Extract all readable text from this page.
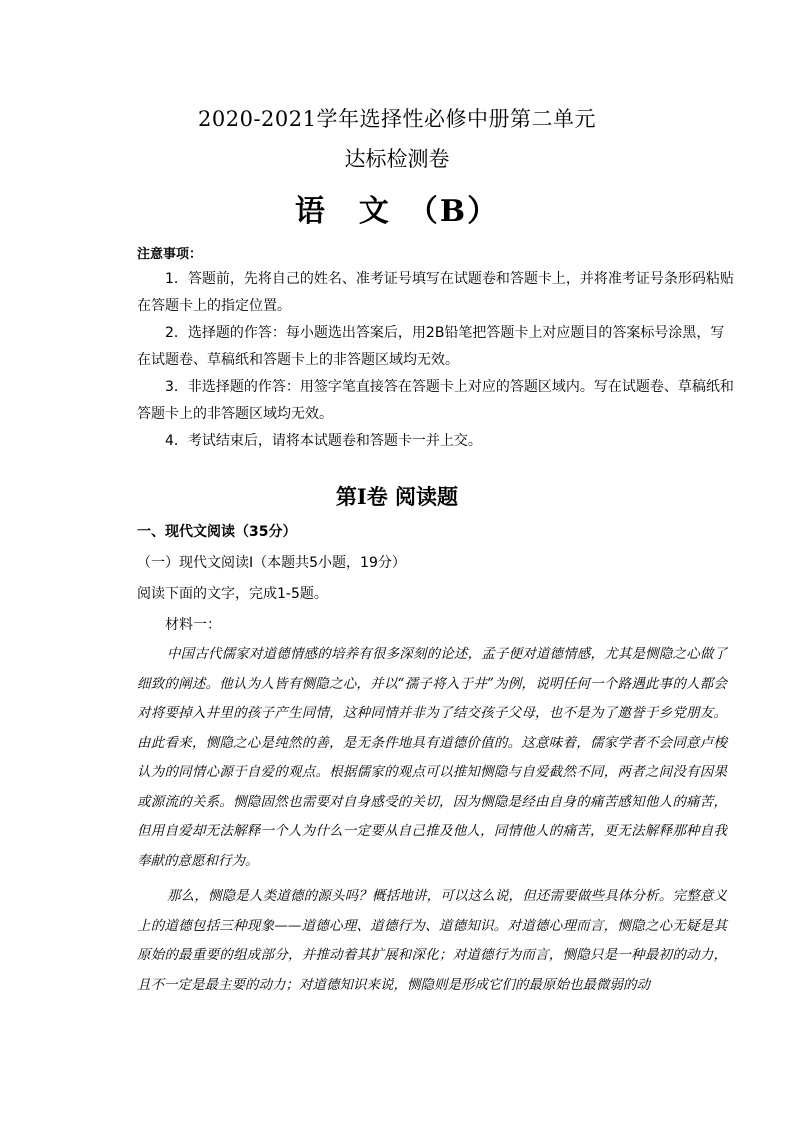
2020-2021学年选择性必修中册第二单元
达标检测卷
语　文　（B）
注意事项：

1．答题前，先将自己的姓名、准考证号填写在试题卷和答题卡上，并将准考证号条形码粘贴在答题卡上的指定位置。

2．选择题的作答：每小题选出答案后，用2B铅笔把答题卡上对应题目的答案标号涂黑，写在试题卷、草稿纸和答题卡上的非答题区域均无效。

3．非选择题的作答：用签字笔直接答在答题卡上对应的答题区域内。写在试题卷、草稿纸和答题卡上的非答题区域均无效。

4．考试结束后，请将本试题卷和答题卡一并上交。

第Ⅰ卷 阅读题
一、现代文阅读（35分）
（一）现代文阅读Ⅰ（本题共5小题，19分）
阅读下面的文字，完成1-5题。
材料一：

中国古代儒家对道德情感的培养有很多深刻的论述，孟子便对道德情感，尤其是恻隐之心做了细致的阐述。他认为人皆有恻隐之心，并以“孺子将入于井”为例，说明任何一个路遇此事的人都会对将要掉入井里的孩子产生同情，这种同情并非为了结交孩子父母，也不是为了邀誉于乡党朋友。由此看来，恻隐之心是纯然的善，是无条件地具有道德价值的。这意味着，儒家学者不会同意卢梭认为的同情心源于自爱的观点。根据儒家的观点可以推知恻隐与自爱截然不同，两者之间没有因果或源流的关系。恻隐固然也需要对自身感受的关切，因为恻隐是经由自身的痛苦感知他人的痛苦，但用自爱却无法解释一个人为什么一定要从自己推及他人，同情他人的痛苦，更无法解释那种自我奉献的意愿和行为。

那么，恻隐是人类道德的源头吗？概括地讲，可以这么说，但还需要做些具体分析。完整意义上的道德包括三种现象——道德心理、道德行为、道德知识。对道德心理而言，恻隐之心无疑是其原始的最重要的组成部分，并推动着其扩展和深化；对道德行为而言，恻隐只是一种最初的动力，且不一定是最主要的动力；对道德知识来说，恻隐则是形成它们的最原始也最微弱的动
